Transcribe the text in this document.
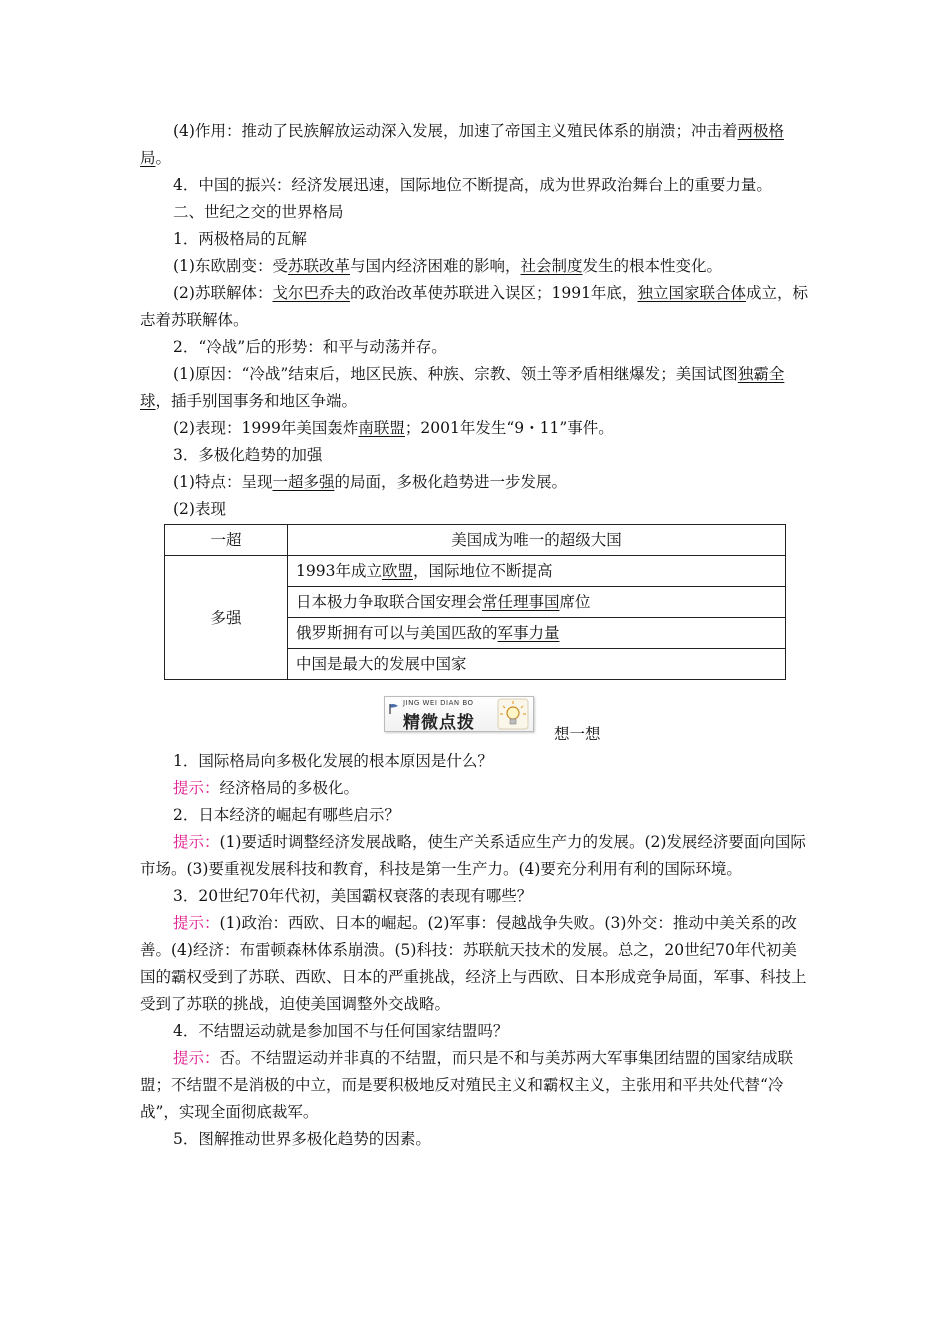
(4)作用：推动了民族解放运动深入发展，加速了帝国主义殖民体系的崩溃；冲击着两极格局。

4．中国的振兴：经济发展迅速，国际地位不断提高，成为世界政治舞台上的重要力量。

二、世纪之交的世界格局

1．两极格局的瓦解

(1)东欧剧变：受苏联改革与国内经济困难的影响，社会制度发生的根本性变化。

(2)苏联解体：戈尔巴乔夫的政治改革使苏联进入误区；1991年底，独立国家联合体成立，标志着苏联解体。

2．“冷战”后的形势：和平与动荡并存。

(1)原因：“冷战”结束后，地区民族、种族、宗教、领土等矛盾相继爆发；美国试图独霸全球，插手别国事务和地区争端。

(2)表现：1999年美国轰炸南联盟；2001年发生“9・11”事件。

3．多极化趋势的加强

(1)特点：呈现一超多强的局面，多极化趋势进一步发展。

(2)表现

一超	美国成为唯一的超级大国
多强	1993年成立欧盟，国际地位不断提高
	日本极力争取联合国安理会常任理事国席位
	俄罗斯拥有可以与美国匹敌的军事力量
	中国是最大的发展中国家
JING WEI DIAN BO
精微点拨
想一想

1．国际格局向多极化发展的根本原因是什么？

提示：经济格局的多极化。

2．日本经济的崛起有哪些启示？

提示：(1)要适时调整经济发展战略，使生产关系适应生产力的发展。(2)发展经济要面向国际市场。(3)要重视发展科技和教育，科技是第一生产力。(4)要充分利用有利的国际环境。

3．20世纪70年代初，美国霸权衰落的表现有哪些？

提示：(1)政治：西欧、日本的崛起。(2)军事：侵越战争失败。(3)外交：推动中美关系的改善。(4)经济：布雷顿森林体系崩溃。(5)科技：苏联航天技术的发展。总之，20世纪70年代初美国的霸权受到了苏联、西欧、日本的严重挑战，经济上与西欧、日本形成竞争局面，军事、科技上受到了苏联的挑战，迫使美国调整外交战略。

4．不结盟运动就是参加国不与任何国家结盟吗？

提示：否。不结盟运动并非真的不结盟，而只是不和与美苏两大军事集团结盟的国家结成联盟；不结盟不是消极的中立，而是要积极地反对殖民主义和霸权主义，主张用和平共处代替“冷战”，实现全面彻底裁军。

5．图解推动世界多极化趋势的因素。
